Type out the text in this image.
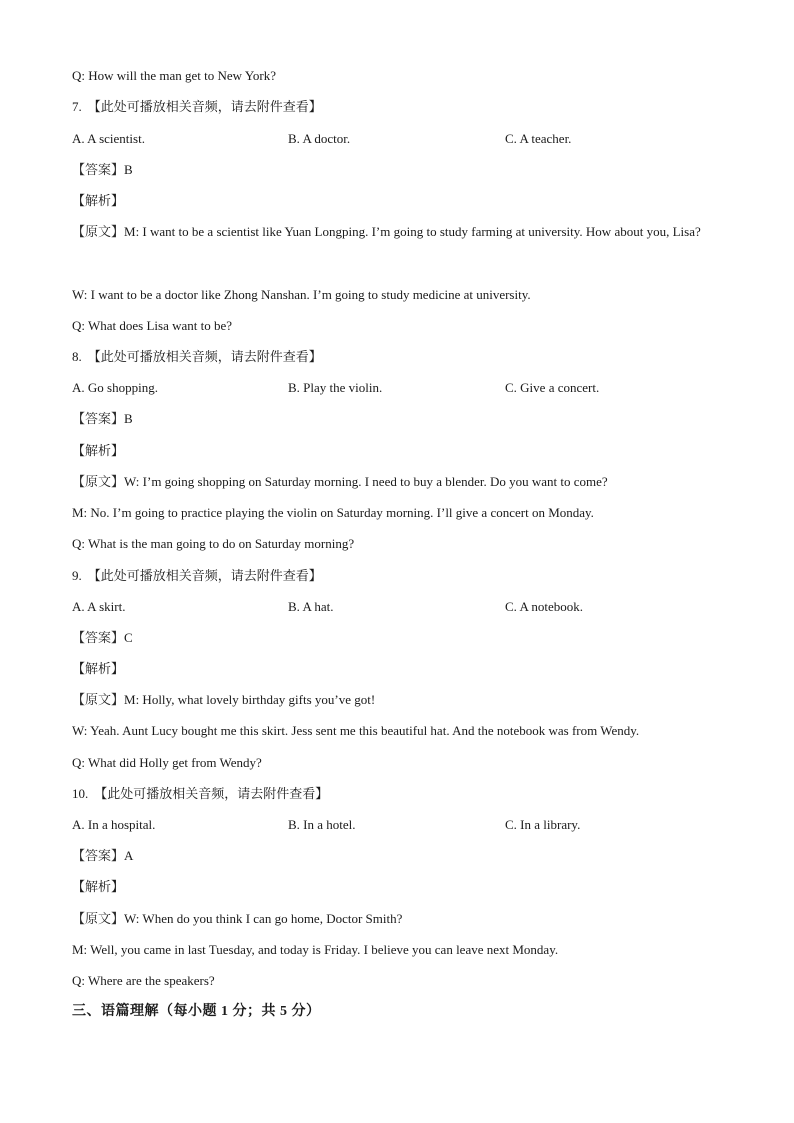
Q: How will the man get to New York?
7. 【此处可播放相关音频，请去附件查看】
A. A scientist.	B. A doctor.	C. A teacher.
【答案】B
【解析】
【原文】M: I want to be a scientist like Yuan Longping. I’m going to study farming at university. How about you, Lisa?
W: I want to be a doctor like Zhong Nanshan. I’m going to study medicine at university.
Q: What does Lisa want to be?
8. 【此处可播放相关音频，请去附件查看】
A. Go shopping.	B. Play the violin.	C. Give a concert.
【答案】B
【解析】
【原文】W: I’m going shopping on Saturday morning. I need to buy a blender. Do you want to come?
M: No. I’m going to practice playing the violin on Saturday morning. I’ll give a concert on Monday.
Q: What is the man going to do on Saturday morning?
9. 【此处可播放相关音频，请去附件查看】
A. A skirt.	B. A hat.	C. A notebook.
【答案】C
【解析】
【原文】M: Holly, what lovely birthday gifts you’ve got!
W: Yeah. Aunt Lucy bought me this skirt. Jess sent me this beautiful hat. And the notebook was from Wendy.
Q: What did Holly get from Wendy?
10. 【此处可播放相关音频，请去附件查看】
A. In a hospital.	B. In a hotel.	C. In a library.
【答案】A
【解析】
【原文】W: When do you think I can go home, Doctor Smith?
M: Well, you came in last Tuesday, and today is Friday. I believe you can leave next Monday.
Q: Where are the speakers?
三、语篇理解（每小题 1 分；共 5 分）
